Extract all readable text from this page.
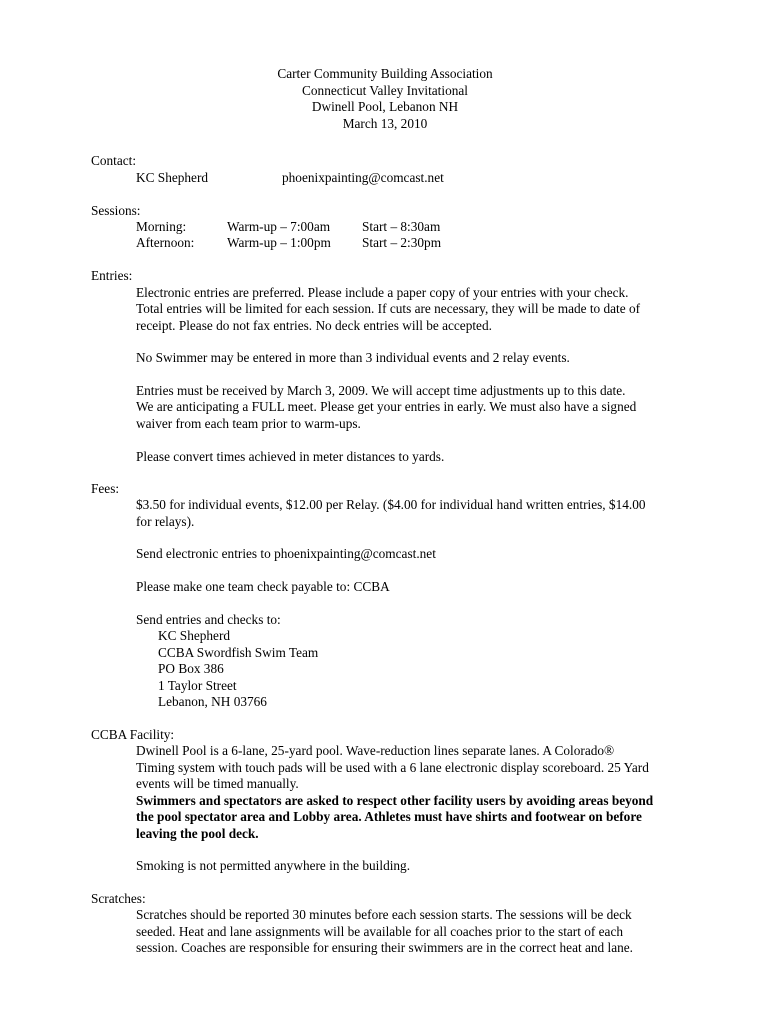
Carter Community Building Association
Connecticut Valley Invitational
Dwinell Pool, Lebanon NH
March 13, 2010
Contact:
KC Shepherd	phoenixpainting@comcast.net
Sessions:
Morning:	Warm-up – 7:00am Start – 8:30am
Afternoon: Warm-up – 1:00pm Start – 2:30pm
Entries:
Electronic entries are preferred. Please include a paper copy of your entries with your check.
Total entries will be limited for each session. If cuts are necessary, they will be made to date of
receipt. Please do not fax entries. No deck entries will be accepted.
No Swimmer may be entered in more than 3 individual events and 2 relay events.
Entries must be received by March 3, 2009. We will accept time adjustments up to this date.
We are anticipating a FULL meet. Please get your entries in early. We must also have a signed
waiver from each team prior to warm-ups.
Please convert times achieved in meter distances to yards.
Fees:
$3.50 for individual events, $12.00 per Relay. ($4.00 for individual hand written entries, $14.00
for relays).
Send electronic entries to phoenixpainting@comcast.net
Please make one team check payable to: CCBA
Send entries and checks to:
KC Shepherd
CCBA Swordfish Swim Team
PO Box 386
1 Taylor Street
Lebanon, NH 03766
CCBA Facility:
Dwinell Pool is a 6-lane, 25-yard pool. Wave-reduction lines separate lanes. A Colorado®
Timing system with touch pads will be used with a 6 lane electronic display scoreboard. 25 Yard
events will be timed manually.
Swimmers and spectators are asked to respect other facility users by avoiding areas beyond
the pool spectator area and Lobby area. Athletes must have shirts and footwear on before
leaving the pool deck.
Smoking is not permitted anywhere in the building.
Scratches:
Scratches should be reported 30 minutes before each session starts. The sessions will be deck
seeded. Heat and lane assignments will be available for all coaches prior to the start of each
session. Coaches are responsible for ensuring their swimmers are in the correct heat and lane.
